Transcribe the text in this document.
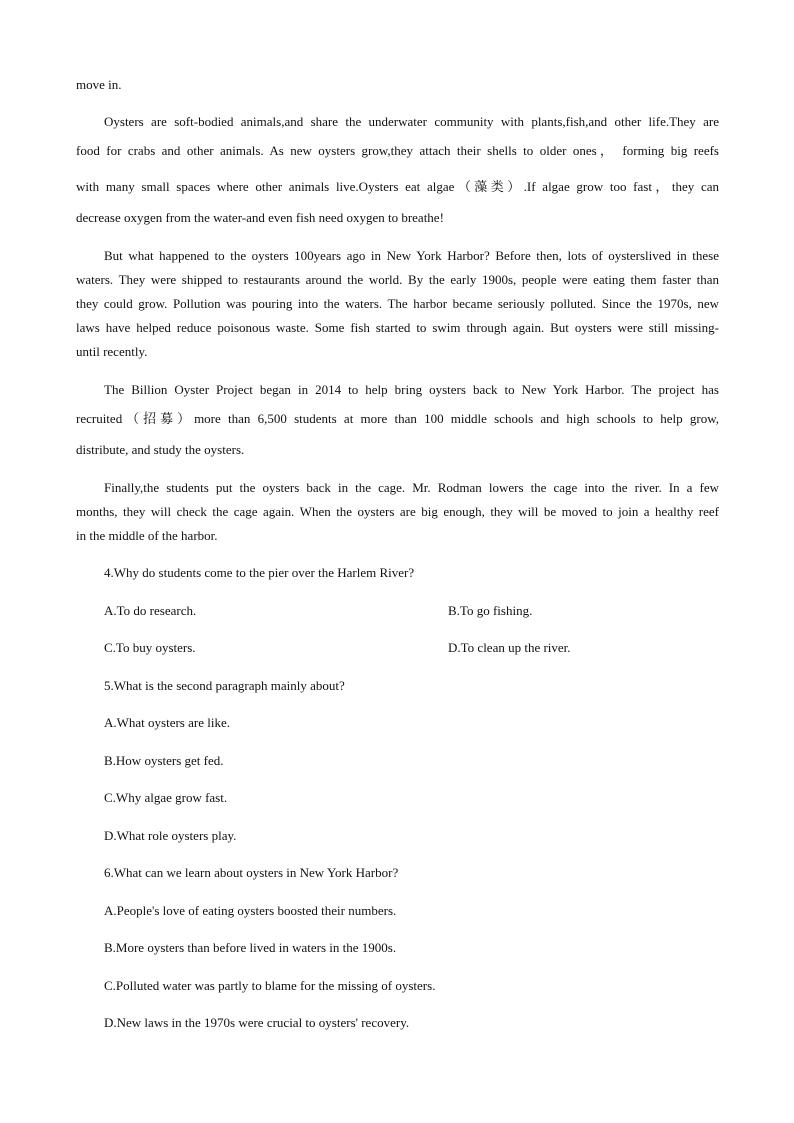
move in.
Oysters are soft-bodied animals,and share the underwater community with plants,fish,and other life.They are
food for crabs and other animals. As new oysters grow,they attach their shells to older ones， forming big reefs
with many small spaces where other animals live.Oysters eat algae（藻类）.If algae grow too fast，they can
decrease oxygen from the water-and even fish need oxygen to breathe!
But what happened to the oysters 100years ago in New York Harbor? Before then, lots of oysterslived in these
waters. They were shipped to restaurants around the world. By the early 1900s, people were eating them faster than
they could grow. Pollution was pouring into the waters. The harbor became seriously polluted. Since the 1970s, new
laws have helped reduce poisonous waste. Some fish started to swim through again. But oysters were still missing-
until recently.
The Billion Oyster Project began in 2014 to help bring oysters back to New York Harbor. The project has
recruited（招募）more than 6,500 students at more than 100 middle schools and high schools to help grow,
distribute, and study the oysters.
Finally,the students put the oysters back in the cage. Mr. Rodman lowers the cage into the river. In a few
months, they will check the cage again. When the oysters are big enough, they will be moved to join a healthy reef
in the middle of the harbor.
4.Why do students come to the pier over the Harlem River?
A.To do research.	B.To go fishing.
C.To buy oysters.	D.To clean up the river.
5.What is the second paragraph mainly about?
A.What oysters are like.
B.How oysters get fed.
C.Why algae grow fast.
D.What role oysters play.
6.What can we learn about oysters in New York Harbor?
A.People's love of eating oysters boosted their numbers.
B.More oysters than before lived in waters in the 1900s.
C.Polluted water was partly to blame for the missing of oysters.
D.New laws in the 1970s were crucial to oysters' recovery.
